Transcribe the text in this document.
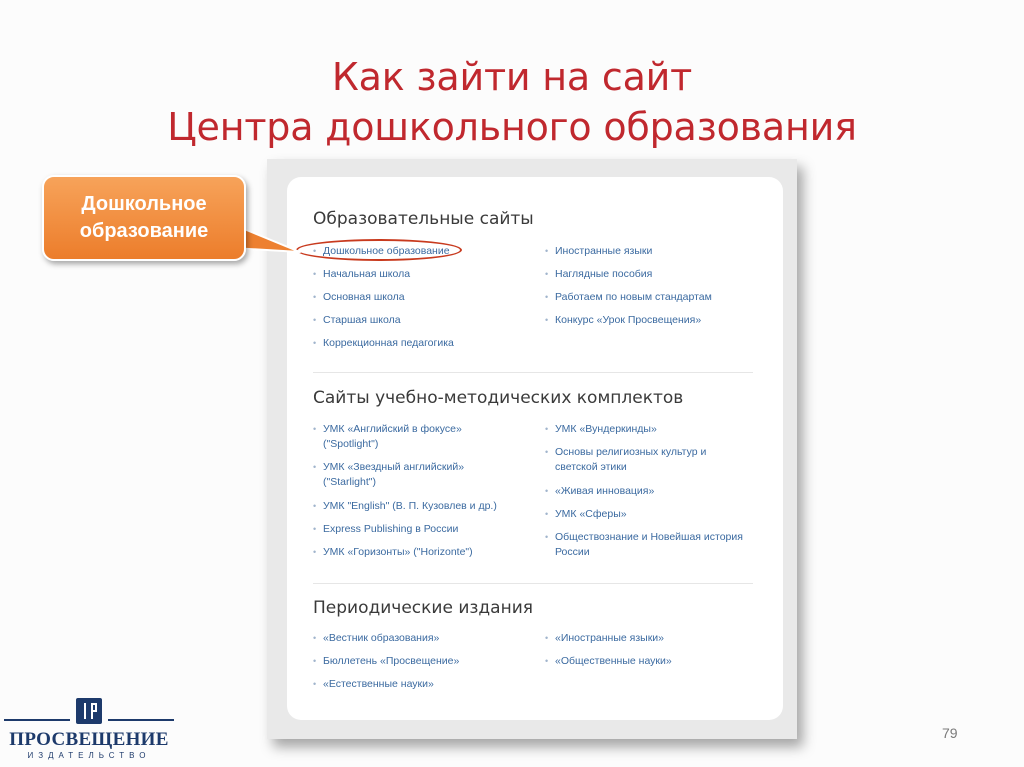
Как зайти на сайт
Центра дошкольного образования
Образовательные сайты
• Дошкольное образование
• Начальная школа
• Основная школа
• Старшая школа
• Коррекционная педагогика
• Иностранные языки
• Наглядные пособия
• Работаем по новым стандартам
• Конкурс «Урок Просвещения»
Сайты учебно-методических комплектов
• УМК «Английский в фокусе» ("Spotlight")
• УМК «Звездный английский» ("Starlight")
• УМК "English" (В. П. Кузовлев и др.)
• Express Publishing в России
• УМК «Горизонты» ("Horizonte")
• УМК «Вундеркинды»
• Основы религиозных культур и светской этики
• «Живая инновация»
• УМК «Сферы»
• Обществознание и Новейшая история России
Периодические издания
• «Вестник образования»
• Бюллетень «Просвещение»
• «Естественные науки»
• «Иностранные языки»
• «Общественные науки»
Дошкольное
образование
ПРОСВЕЩЕНИЕ
ИЗДАТЕЛЬСТВО
79
